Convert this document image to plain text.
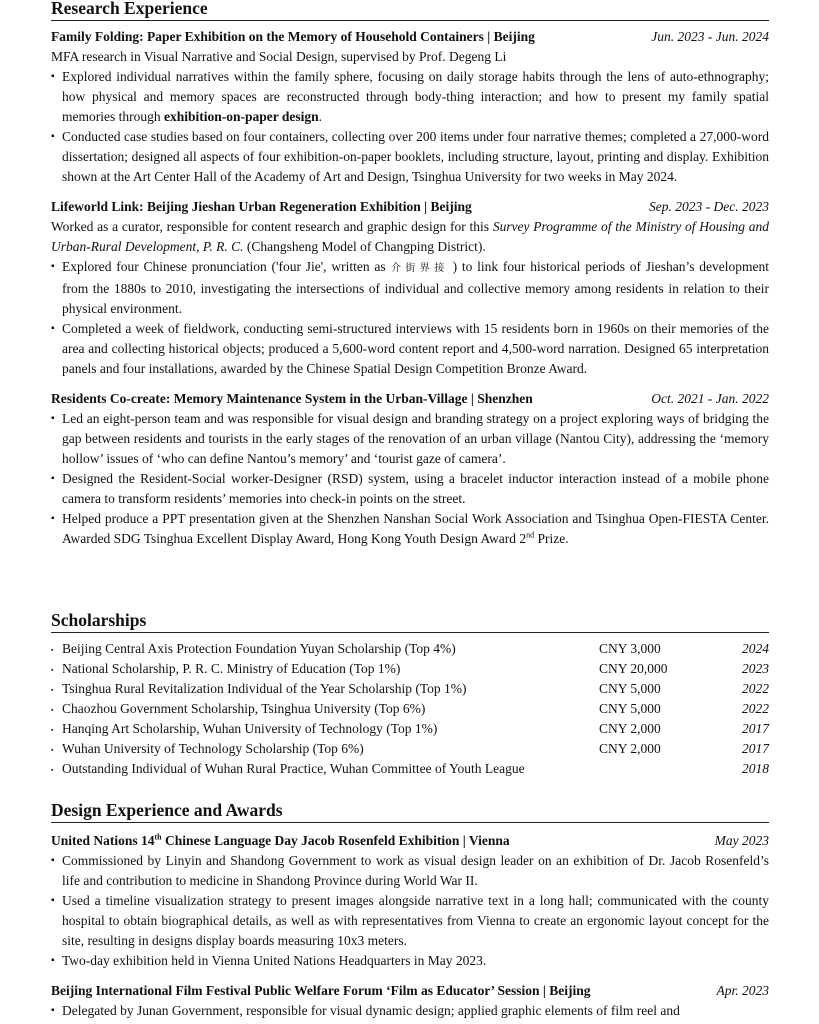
Research Experience
Family Folding: Paper Exhibition on the Memory of Household Containers | Beijing	Jun. 2023 - Jun. 2024
MFA research in Visual Narrative and Social Design, supervised by Prof. Degeng Li
▪ Explored individual narratives within the family sphere, focusing on daily storage habits through the lens of auto-ethnography; how physical and memory spaces are reconstructed through body-thing interaction; and how to present my family spatial memories through exhibition-on-paper design.
▪ Conducted case studies based on four containers, collecting over 200 items under four narrative themes; completed a 27,000-word dissertation; designed all aspects of four exhibition-on-paper booklets, including structure, layout, printing and display. Exhibition shown at the Art Center Hall of the Academy of Art and Design, Tsinghua University for two weeks in May 2024.
Lifeworld Link: Beijing Jieshan Urban Regeneration Exhibition | Beijing	Sep. 2023 - Dec. 2023
Worked as a curator, responsible for content research and graphic design for this Survey Programme of the Ministry of Housing and Urban-Rural Development, P. R. C. (Changsheng Model of Changping District).
▪ Explored four Chinese pronunciation ('four Jie', written as 介街界接 ) to link four historical periods of Jieshan’s development from the 1880s to 2010, investigating the intersections of individual and collective memory among residents in relation to their physical environment.
▪ Completed a week of fieldwork, conducting semi-structured interviews with 15 residents born in 1960s on their memories of the area and collecting historical objects; produced a 5,600-word content report and 4,500-word narration. Designed 65 interpretation panels and four installations, awarded by the Chinese Spatial Design Competition Bronze Award.
Residents Co-create: Memory Maintenance System in the Urban-Village | Shenzhen	Oct. 2021 - Jan. 2022
▪ Led an eight-person team and was responsible for visual design and branding strategy on a project exploring ways of bridging the gap between residents and tourists in the early stages of the renovation of an urban village (Nantou City), addressing the ‘memory hollow’ issues of ‘who can define Nantou’s memory’ and ‘tourist gaze of camera’.
▪ Designed the Resident-Social worker-Designer (RSD) system, using a bracelet inductor interaction instead of a mobile phone camera to transform residents’ memories into check-in points on the street.
▪ Helped produce a PPT presentation given at the Shenzhen Nanshan Social Work Association and Tsinghua Open-FIESTA Center. Awarded SDG Tsinghua Excellent Display Award, Hong Kong Youth Design Award 2nd Prize.
Scholarships
▪ Beijing Central Axis Protection Foundation Yuyan Scholarship (Top 4%)	CNY 3,000	2024
▪ National Scholarship, P. R. C. Ministry of Education (Top 1%)	CNY 20,000	2023
▪ Tsinghua Rural Revitalization Individual of the Year Scholarship (Top 1%)	CNY 5,000	2022
▪ Chaozhou Government Scholarship, Tsinghua University (Top 6%)	CNY 5,000	2022
▪ Hanqing Art Scholarship, Wuhan University of Technology (Top 1%)	CNY 2,000	2017
▪ Wuhan University of Technology Scholarship (Top 6%)	CNY 2,000	2017
▪ Outstanding Individual of Wuhan Rural Practice, Wuhan Committee of Youth League	2018
Design Experience and Awards
United Nations 14th Chinese Language Day Jacob Rosenfeld Exhibition | Vienna	May 2023
▪ Commissioned by Linyin and Shandong Government to work as visual design leader on an exhibition of Dr. Jacob Rosenfeld’s life and contribution to medicine in Shandong Province during World War II.
▪ Used a timeline visualization strategy to present images alongside narrative text in a long hall; communicated with the county hospital to obtain biographical details, as well as with representatives from Vienna to create an ergonomic layout concept for the site, resulting in designs display boards measuring 10x3 meters.
▪ Two-day exhibition held in Vienna United Nations Headquarters in May 2023.
Beijing International Film Festival Public Welfare Forum ‘Film as Educator’ Session | Beijing	Apr. 2023
▪ Delegated by Junan Government, responsible for visual dynamic design; applied graphic elements of film reel and
